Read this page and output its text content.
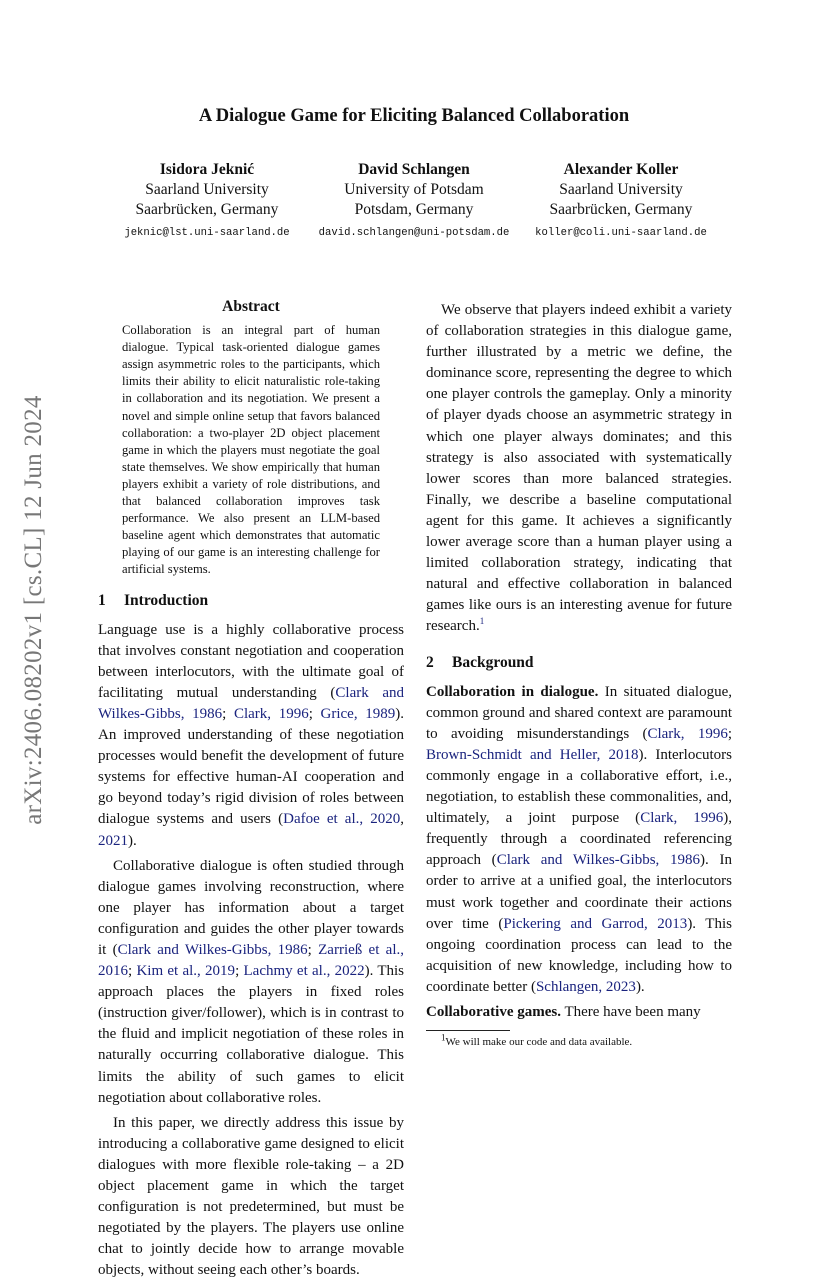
arXiv:2406.08202v1 [cs.CL] 12 Jun 2024
A Dialogue Game for Eliciting Balanced Collaboration
Isidora Jeknić
Saarland University
Saarbrücken, Germany
jeknic@lst.uni-saarland.de
David Schlangen
University of Potsdam
Potsdam, Germany
david.schlangen@uni-potsdam.de
Alexander Koller
Saarland University
Saarbrücken, Germany
koller@coli.uni-saarland.de
Abstract
Collaboration is an integral part of human dialogue. Typical task-oriented dialogue games assign asymmetric roles to the participants, which limits their ability to elicit naturalistic role-taking in collaboration and its negotiation. We present a novel and simple online setup that favors balanced collaboration: a two-player 2D object placement game in which the players must negotiate the goal state themselves. We show empirically that human players exhibit a variety of role distributions, and that balanced collaboration improves task performance. We also present an LLM-based baseline agent which demonstrates that automatic playing of our game is an interesting challenge for artificial systems.
1 Introduction

Language use is a highly collaborative process that involves constant negotiation and cooperation between interlocutors, with the ultimate goal of facilitating mutual understanding (Clark and Wilkes-Gibbs, 1986; Clark, 1996; Grice, 1989). An improved understanding of these negotiation processes would benefit the development of future systems for effective human-AI cooperation and go beyond today’s rigid division of roles between dialogue systems and users (Dafoe et al., 2020, 2021).

Collaborative dialogue is often studied through dialogue games involving reconstruction, where one player has information about a target configuration and guides the other player towards it (Clark and Wilkes-Gibbs, 1986; Zarrieß et al., 2016; Kim et al., 2019; Lachmy et al., 2022). This approach places the players in fixed roles (instruction giver/follower), which is in contrast to the fluid and implicit negotiation of these roles in naturally occurring collaborative dialogue. This limits the ability of such games to elicit negotiation about collaborative roles.

In this paper, we directly address this issue by introducing a collaborative game designed to elicit dialogues with more flexible role-taking – a 2D object placement game in which the target configuration is not predetermined, but must be negotiated by the players. The players use online chat to jointly decide how to arrange movable objects, without seeing each other’s boards.

We observe that players indeed exhibit a variety of collaboration strategies in this dialogue game, further illustrated by a metric we define, the dominance score, representing the degree to which one player controls the gameplay. Only a minority of player dyads choose an asymmetric strategy in which one player always dominates; and this strategy is also associated with systematically lower scores than more balanced strategies. Finally, we describe a baseline computational agent for this game. It achieves a significantly lower average score than a human player using a limited collaboration strategy, indicating that natural and effective collaboration in balanced games like ours is an interesting avenue for future research.$^1$

2 Background

Collaboration in dialogue. In situated dialogue, common ground and shared context are paramount to avoiding misunderstandings (Clark, 1996; Brown-Schmidt and Heller, 2018). Interlocutors commonly engage in a collaborative effort, i.e., negotiation, to establish these commonalities, and, ultimately, a joint purpose (Clark, 1996), frequently through a coordinated referencing approach (Clark and Wilkes-Gibbs, 1986). In order to arrive at a unified goal, the interlocutors must work together and coordinate their actions over time (Pickering and Garrod, 2013). This ongoing coordination process can lead to the acquisition of new knowledge, including how to coordinate better (Schlangen, 2023).

Collaborative games. There have been many

$^1$We will make our code and data available.
